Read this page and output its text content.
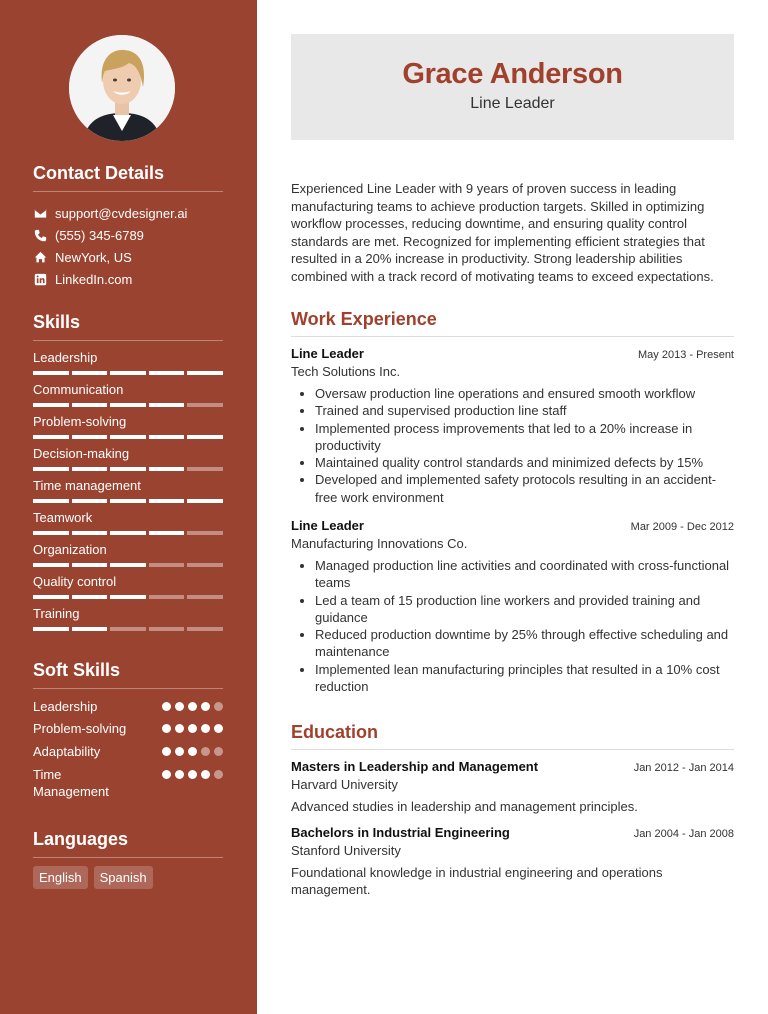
Contact Details
support@cvdesigner.ai
(555) 345-6789
NewYork, US
LinkedIn.com
Skills
Leadership
Communication
Problem-solving
Decision-making
Time management
Teamwork
Organization
Quality control
Training
Soft Skills
Leadership
Problem-solving
Adaptability
Time Management
Languages
English	Spanish
Grace Anderson
Line Leader
Experienced Line Leader with 9 years of proven success in leading manufacturing teams to achieve production targets. Skilled in optimizing workflow processes, reducing downtime, and ensuring quality control standards are met. Recognized for implementing efficient strategies that resulted in a 20% increase in productivity. Strong leadership abilities combined with a track record of motivating teams to exceed expectations.
Work Experience
Line Leader	May 2013 - Present
Tech Solutions Inc.
• Oversaw production line operations and ensured smooth workflow
• Trained and supervised production line staff
• Implemented process improvements that led to a 20% increase in productivity
• Maintained quality control standards and minimized defects by 15%
• Developed and implemented safety protocols resulting in an accident-free work environment
Line Leader	Mar 2009 - Dec 2012
Manufacturing Innovations Co.
• Managed production line activities and coordinated with cross-functional teams
• Led a team of 15 production line workers and provided training and guidance
• Reduced production downtime by 25% through effective scheduling and maintenance
• Implemented lean manufacturing principles that resulted in a 10% cost reduction
Education
Masters in Leadership and Management	Jan 2012 - Jan 2014
Harvard University
Advanced studies in leadership and management principles.
Bachelors in Industrial Engineering	Jan 2004 - Jan 2008
Stanford University
Foundational knowledge in industrial engineering and operations management.
